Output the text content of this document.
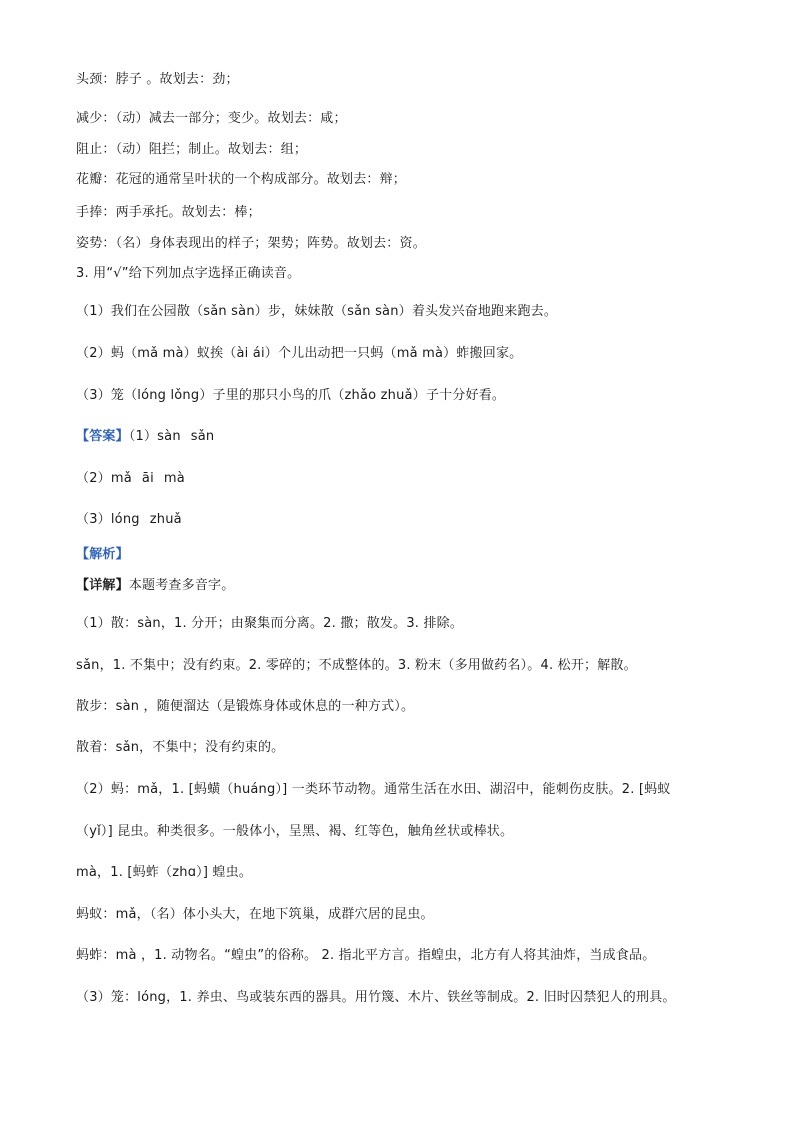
头颈：脖子 。故划去：劲；
减少：（动）减去一部分；变少。故划去：咸；
阻止：（动）阻拦；制止。故划去：组；
花瓣：花冠的通常呈叶状的一个构成部分。故划去：辩；
手捧：两手承托。故划去：棒；
姿势：（名）身体表现出的样子；架势；阵势。故划去：资。
3. 用“√”给下列加点字选择正确读音。
（1）我们在公园散（sǎn sàn）步，妹妹散（sǎn sàn）着头发兴奋地跑来跑去。
（2）蚂（mǎ mà）蚁挨（ài ái）个儿出动把一只蚂（mǎ mà）蚱搬回家。
（3）笼（lóng lǒng）子里的那只小鸟的爪（zhǎo zhuǎ）子十分好看。
【答案】（1）sàn sǎn
（2）mǎ āi mà
（3）lóng zhuǎ
【解析】
【详解】本题考查多音字。
（1）散：sàn，1. 分开；由聚集而分离。2. 撒；散发。3. 排除。
sǎn，1. 不集中；没有约束。2. 零碎的；不成整体的。3. 粉末（多用做药名）。4. 松开；解散。
散步：sàn ，随便溜达（是锻炼身体或休息的一种方式）。
散着：sǎn，不集中；没有约束的。
（2）蚂：mǎ，1. [蚂蟥（huáng）] 一类环节动物。通常生活在水田、湖沼中，能刺伤皮肤。2. [蚂蚁
（yǐ）] 昆虫。种类很多。一般体小，呈黑、褐、红等色，触角丝状或棒状。
mà，1. [蚂蚱（zhɑ）] 蝗虫。
蚂蚁：mǎ，（名）体小头大，在地下筑巢，成群穴居的昆虫。
蚂蚱：mà ，1. 动物名。“蝗虫”的俗称。 2. 指北平方言。指蝗虫，北方有人将其油炸，当成食品。
（3）笼：lóng，1. 养虫、鸟或装东西的器具。用竹篾、木片、铁丝等制成。2. 旧时囚禁犯人的刑具。
